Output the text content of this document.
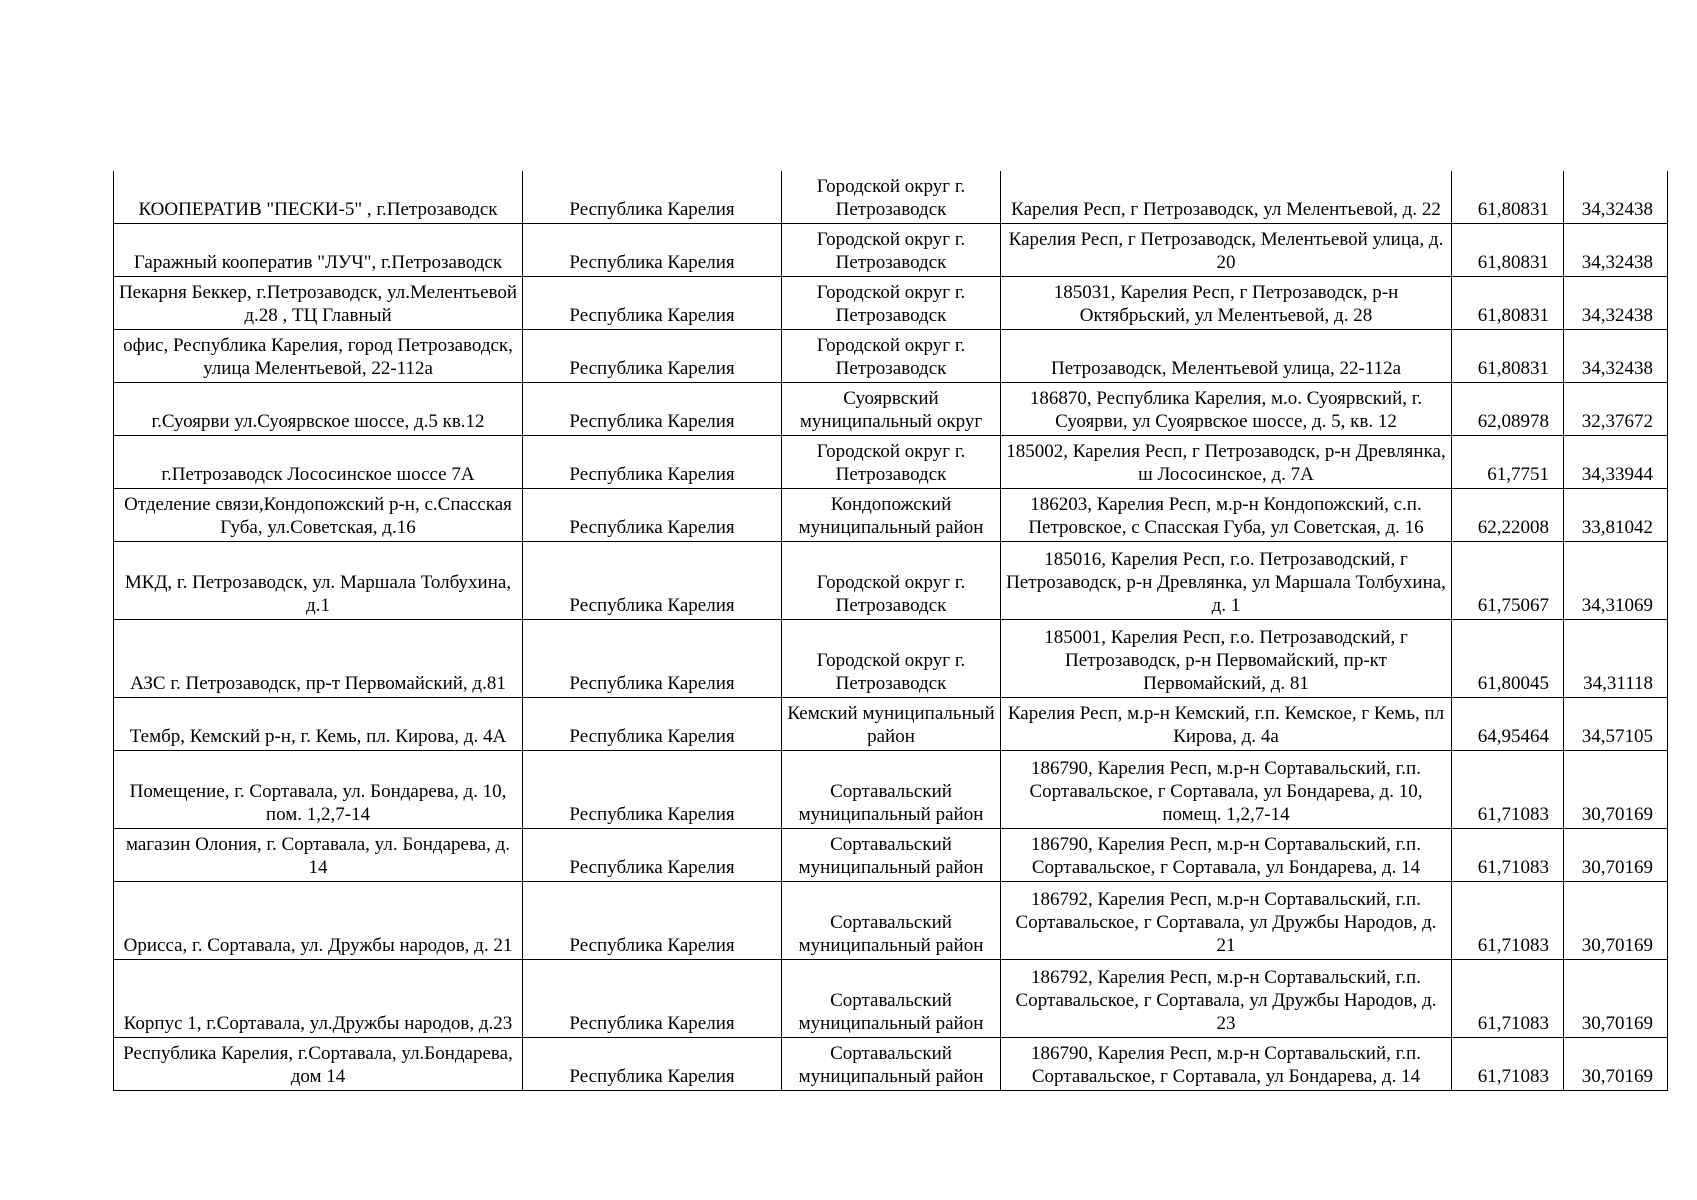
КООПЕРАТИВ "ПЕСКИ-5" , г.Петрозаводск	Республика Карелия	Городской округ г. Петрозаводск	Карелия Респ, г Петрозаводск, ул Мелентьевой, д. 22	61,80831	34,32438
Гаражный кооператив "ЛУЧ", г.Петрозаводск	Республика Карелия	Городской округ г. Петрозаводск	Карелия Респ, г Петрозаводск, Мелентьевой улица, д. 20	61,80831	34,32438
Пекарня Беккер, г.Петрозаводск, ул.Мелентьевой д.28 , ТЦ Главный	Республика Карелия	Городской округ г. Петрозаводск	185031, Карелия Респ, г Петрозаводск, р-н Октябрьский, ул Мелентьевой, д. 28	61,80831	34,32438
офис, Республика Карелия, город Петрозаводск, улица Мелентьевой, 22-112а	Республика Карелия	Городской округ г. Петрозаводск	Петрозаводск, Мелентьевой улица, 22-112а	61,80831	34,32438
г.Суоярви ул.Суоярвское шоссе, д.5 кв.12	Республика Карелия	Суоярвский муниципальный округ	186870, Республика Карелия, м.о. Суоярвский, г. Суоярви, ул Суоярвское шоссе, д. 5, кв. 12	62,08978	32,37672
г.Петрозаводск Лососинское шоссе 7А	Республика Карелия	Городской округ г. Петрозаводск	185002, Карелия Респ, г Петрозаводск, р-н Древлянка, ш Лососинское, д. 7А	61,7751	34,33944
Отделение связи,Кондопожский р-н, с.Спасская Губа, ул.Советская, д.16	Республика Карелия	Кондопожский муниципальный район	186203, Карелия Респ, м.р-н Кондопожский, с.п. Петровское, с Спасская Губа, ул Советская, д. 16	62,22008	33,81042
МКД, г. Петрозаводск, ул. Маршала Толбухина, д.1	Республика Карелия	Городской округ г. Петрозаводск	185016, Карелия Респ, г.о. Петрозаводский, г Петрозаводск, р-н Древлянка, ул Маршала Толбухина, д. 1	61,75067	34,31069
АЗС г. Петрозаводск, пр-т Первомайский, д.81	Республика Карелия	Городской округ г. Петрозаводск	185001, Карелия Респ, г.о. Петрозаводский, г Петрозаводск, р-н Первомайский, пр-кт Первомайский, д. 81	61,80045	34,31118
Тембр, Кемский р-н, г. Кемь, пл. Кирова, д. 4А	Республика Карелия	Кемский муниципальный район	Карелия Респ, м.р-н Кемский, г.п. Кемское, г Кемь, пл Кирова, д. 4а	64,95464	34,57105
Помещение, г. Сортавала, ул. Бондарева, д. 10, пом. 1,2,7-14	Республика Карелия	Сортавальский муниципальный район	186790, Карелия Респ, м.р-н Сортавальский, г.п. Сортавальское, г Сортавала, ул Бондарева, д. 10, помещ. 1,2,7-14	61,71083	30,70169
магазин Олония, г. Сортавала, ул. Бондарева, д. 14	Республика Карелия	Сортавальский муниципальный район	186790, Карелия Респ, м.р-н Сортавальский, г.п. Сортавальское, г Сортавала, ул Бондарева, д. 14	61,71083	30,70169
Орисса, г. Сортавала, ул. Дружбы народов, д. 21	Республика Карелия	Сортавальский муниципальный район	186792, Карелия Респ, м.р-н Сортавальский, г.п. Сортавальское, г Сортавала, ул Дружбы Народов, д. 21	61,71083	30,70169
Корпус 1, г.Сортавала, ул.Дружбы народов, д.23	Республика Карелия	Сортавальский муниципальный район	186792, Карелия Респ, м.р-н Сортавальский, г.п. Сортавальское, г Сортавала, ул Дружбы Народов, д. 23	61,71083	30,70169
Республика Карелия, г.Сортавала, ул.Бондарева, дом 14	Республика Карелия	Сортавальский муниципальный район	186790, Карелия Респ, м.р-н Сортавальский, г.п. Сортавальское, г Сортавала, ул Бондарева, д. 14	61,71083	30,70169
